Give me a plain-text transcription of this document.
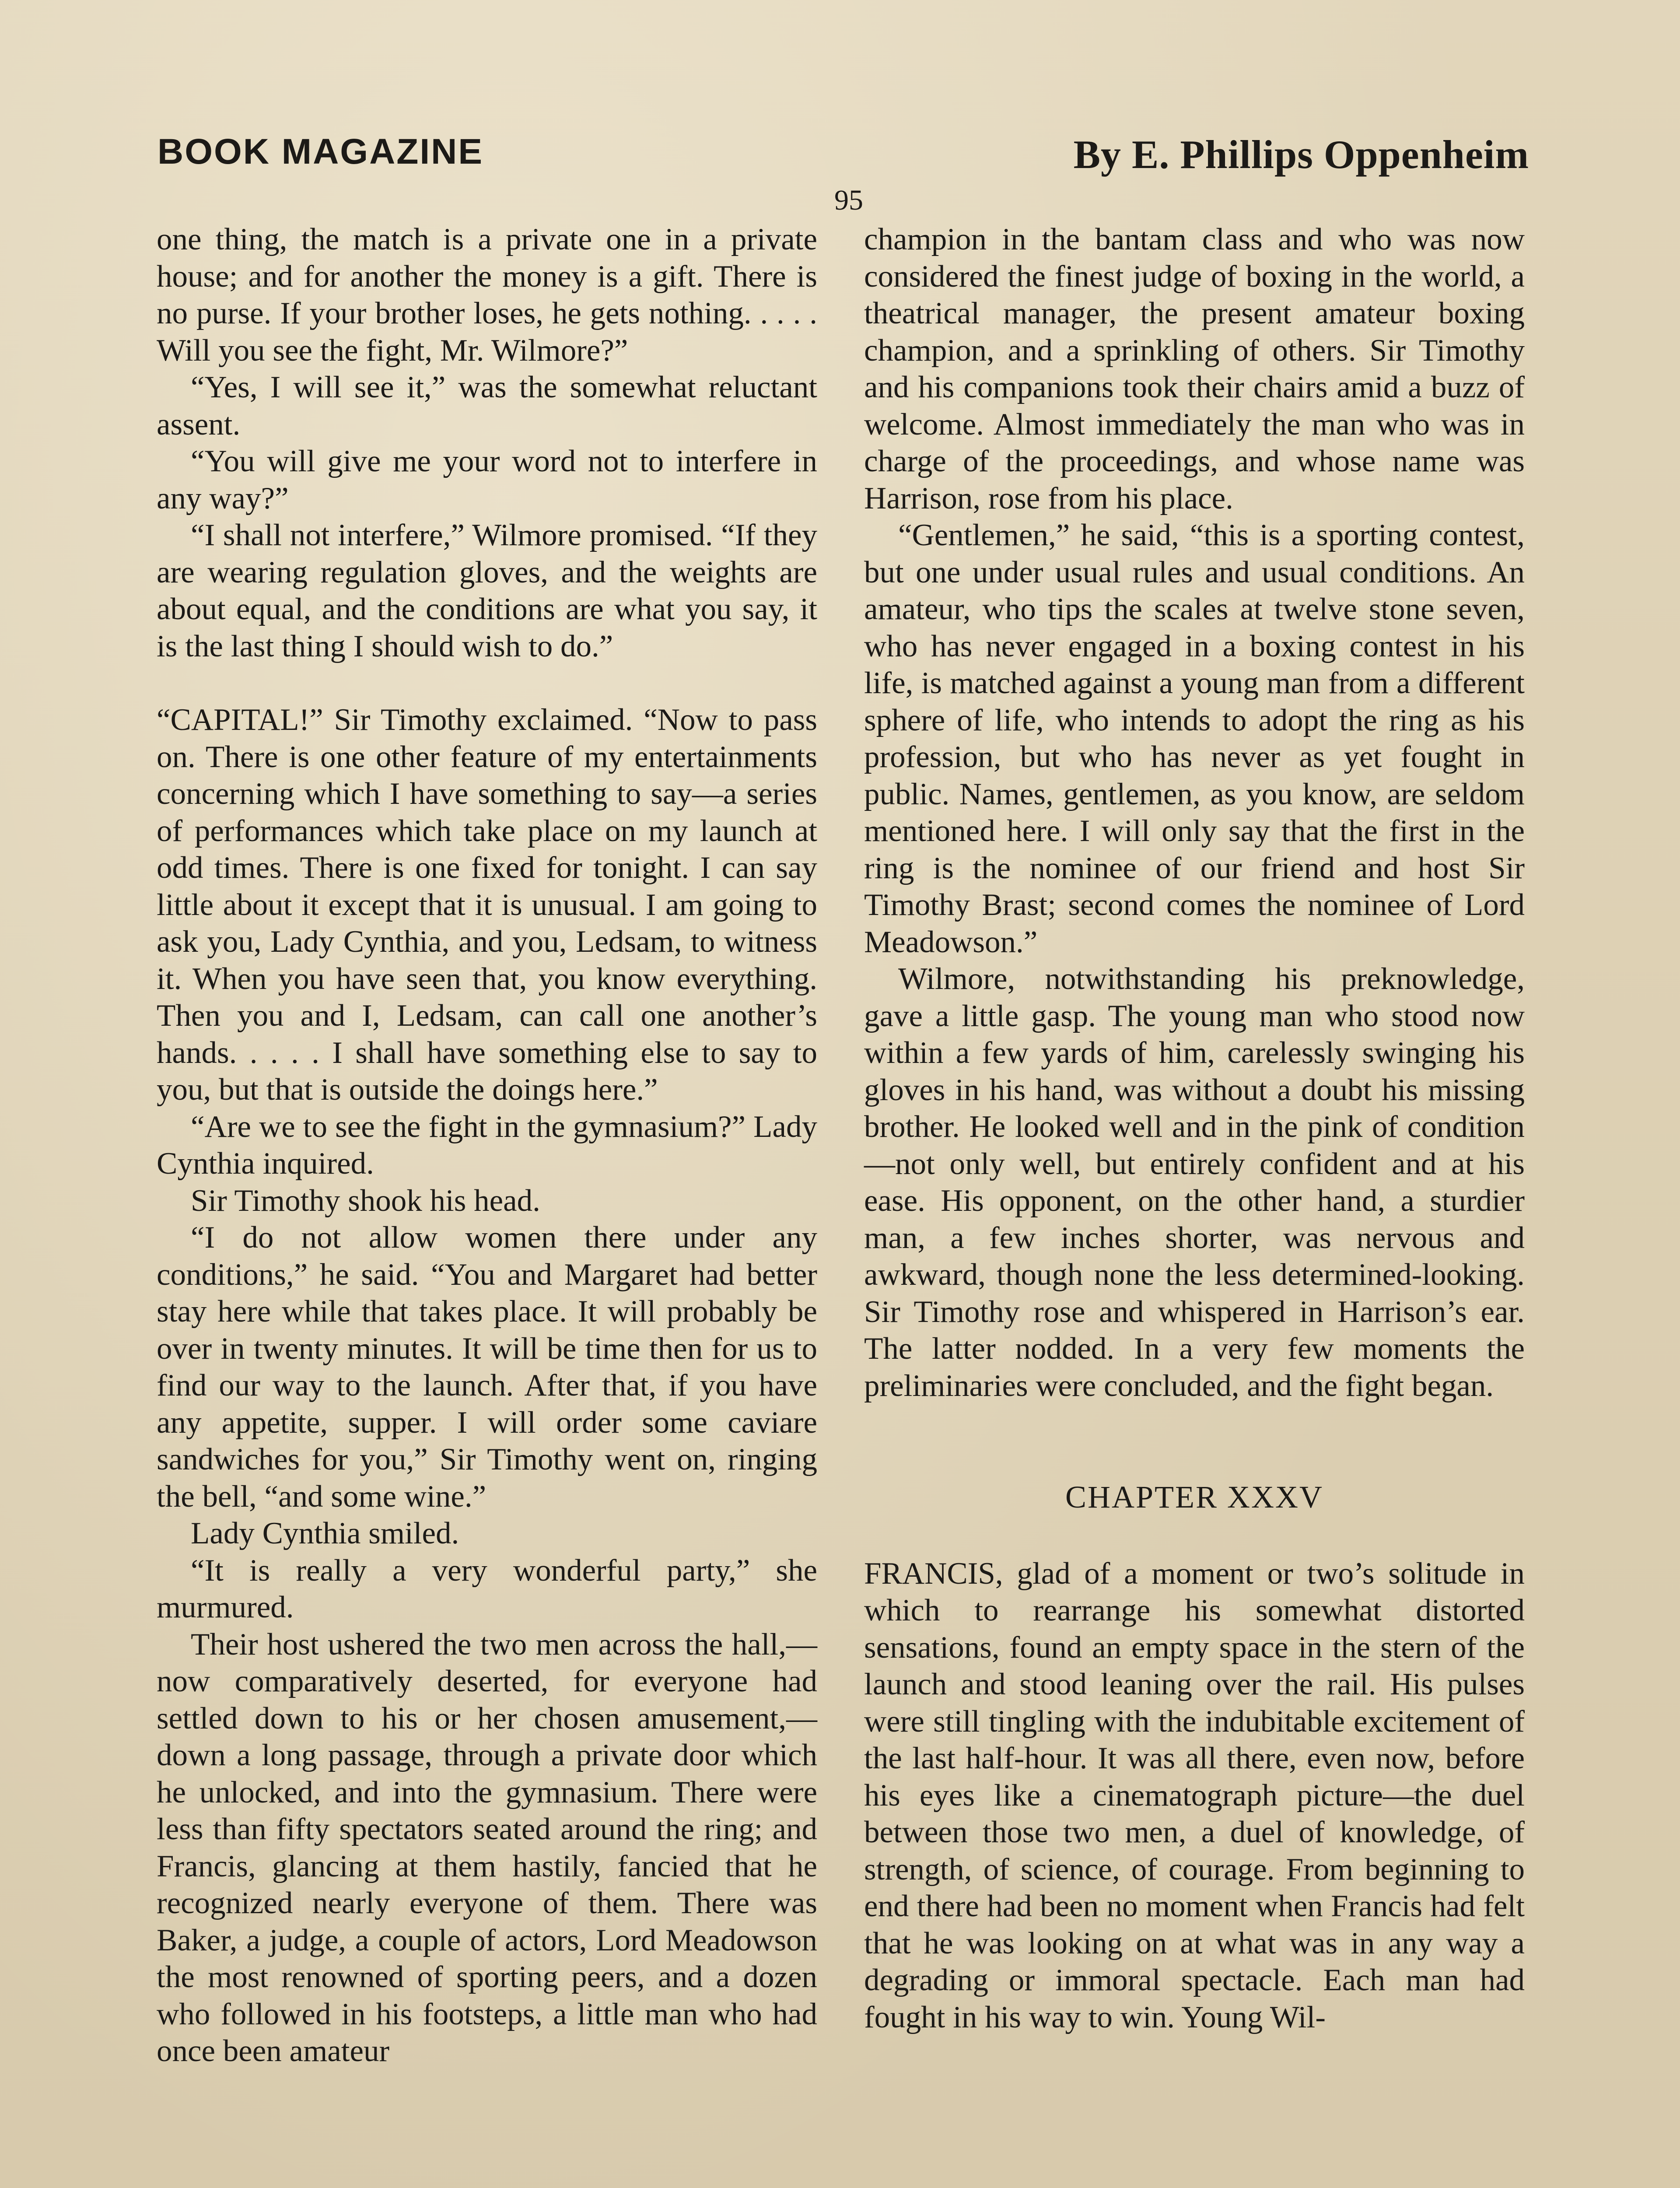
BOOK MAGAZINE	By E. Phillips Oppenheim
95

one thing, the match is a private one in a private house; and for another the money is a gift. There is no purse. If your brother loses, he gets nothing. . . . . Will you see the fight, Mr. Wilmore?”

“Yes, I will see it,” was the somewhat reluctant assent.

“You will give me your word not to interfere in any way?”

“I shall not interfere,” Wilmore promised. “If they are wearing regulation gloves, and the weights are about equal, and the conditions are what you say, it is the last thing I should wish to do.”

“CAPITAL!” Sir Timothy exclaimed. “Now to pass on. There is one other feature of my entertainments concerning which I have something to say—a series of performances which take place on my launch at odd times. There is one fixed for tonight. I can say little about it except that it is unusual. I am going to ask you, Lady Cynthia, and you, Ledsam, to witness it. When you have seen that, you know everything. Then you and I, Ledsam, can call one another’s hands. . . . . I shall have something else to say to you, but that is outside the doings here.”

“Are we to see the fight in the gymnasium?” Lady Cynthia inquired.

Sir Timothy shook his head.

“I do not allow women there under any conditions,” he said. “You and Margaret had better stay here while that takes place. It will probably be over in twenty minutes. It will be time then for us to find our way to the launch. After that, if you have any appetite, supper. I will order some caviare sandwiches for you,” Sir Timothy went on, ringing the bell, “and some wine.”

Lady Cynthia smiled.

“It is really a very wonderful party,” she murmured.

Their host ushered the two men across the hall,—now comparatively deserted, for everyone had settled down to his or her chosen amusement,—down a long passage, through a private door which he unlocked, and into the gymnasium. There were less than fifty spectators seated around the ring; and Francis, glancing at them hastily, fancied that he recognized nearly everyone of them. There was Baker, a judge, a couple of actors, Lord Meadowson the most renowned of sporting peers, and a dozen who followed in his footsteps, a little man who had once been amateur

champion in the bantam class and who was now considered the finest judge of boxing in the world, a theatrical manager, the present amateur boxing champion, and a sprinkling of others. Sir Timothy and his companions took their chairs amid a buzz of welcome. Almost immediately the man who was in charge of the proceedings, and whose name was Harrison, rose from his place.

“Gentlemen,” he said, “this is a sporting contest, but one under usual rules and usual conditions. An amateur, who tips the scales at twelve stone seven, who has never engaged in a boxing contest in his life, is matched against a young man from a different sphere of life, who intends to adopt the ring as his profession, but who has never as yet fought in public. Names, gentlemen, as you know, are seldom mentioned here. I will only say that the first in the ring is the nominee of our friend and host Sir Timothy Brast; second comes the nominee of Lord Meadowson.”

Wilmore, notwithstanding his preknowledge, gave a little gasp. The young man who stood now within a few yards of him, carelessly swinging his gloves in his hand, was without a doubt his missing brother. He looked well and in the pink of condition—not only well, but entirely confident and at his ease. His opponent, on the other hand, a sturdier man, a few inches shorter, was nervous and awkward, though none the less determined-looking. Sir Timothy rose and whispered in Harrison’s ear. The latter nodded. In a very few moments the preliminaries were concluded, and the fight began.

CHAPTER XXXV

FRANCIS, glad of a moment or two’s solitude in which to rearrange his somewhat distorted sensations, found an empty space in the stern of the launch and stood leaning over the rail. His pulses were still tingling with the indubitable excitement of the last half-hour. It was all there, even now, before his eyes like a cinematograph picture—the duel between those two men, a duel of knowledge, of strength, of science, of courage. From beginning to end there had been no moment when Francis had felt that he was looking on at what was in any way a degrading or immoral spectacle. Each man had fought in his way to win. Young Wil-
